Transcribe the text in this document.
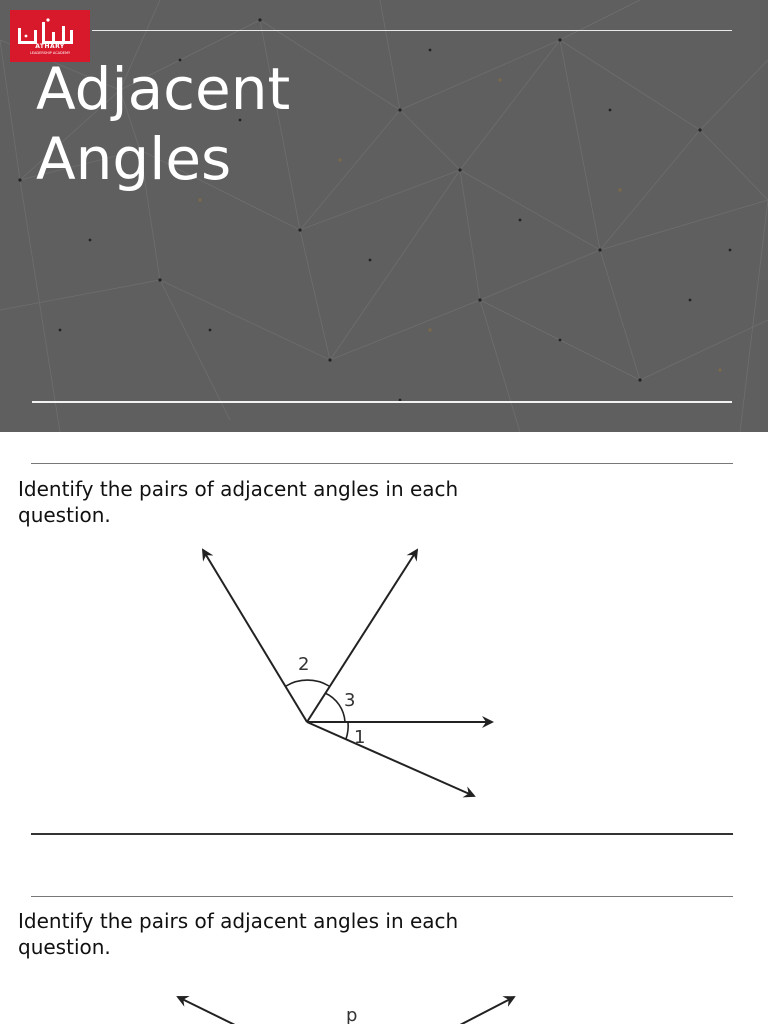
ATHARY
LEADERSHIP ACADEMY
Adjacent
Angles

Identify the pairs of adjacent angles in each question.

2
3
1

Identify the pairs of adjacent angles in each question.

p
